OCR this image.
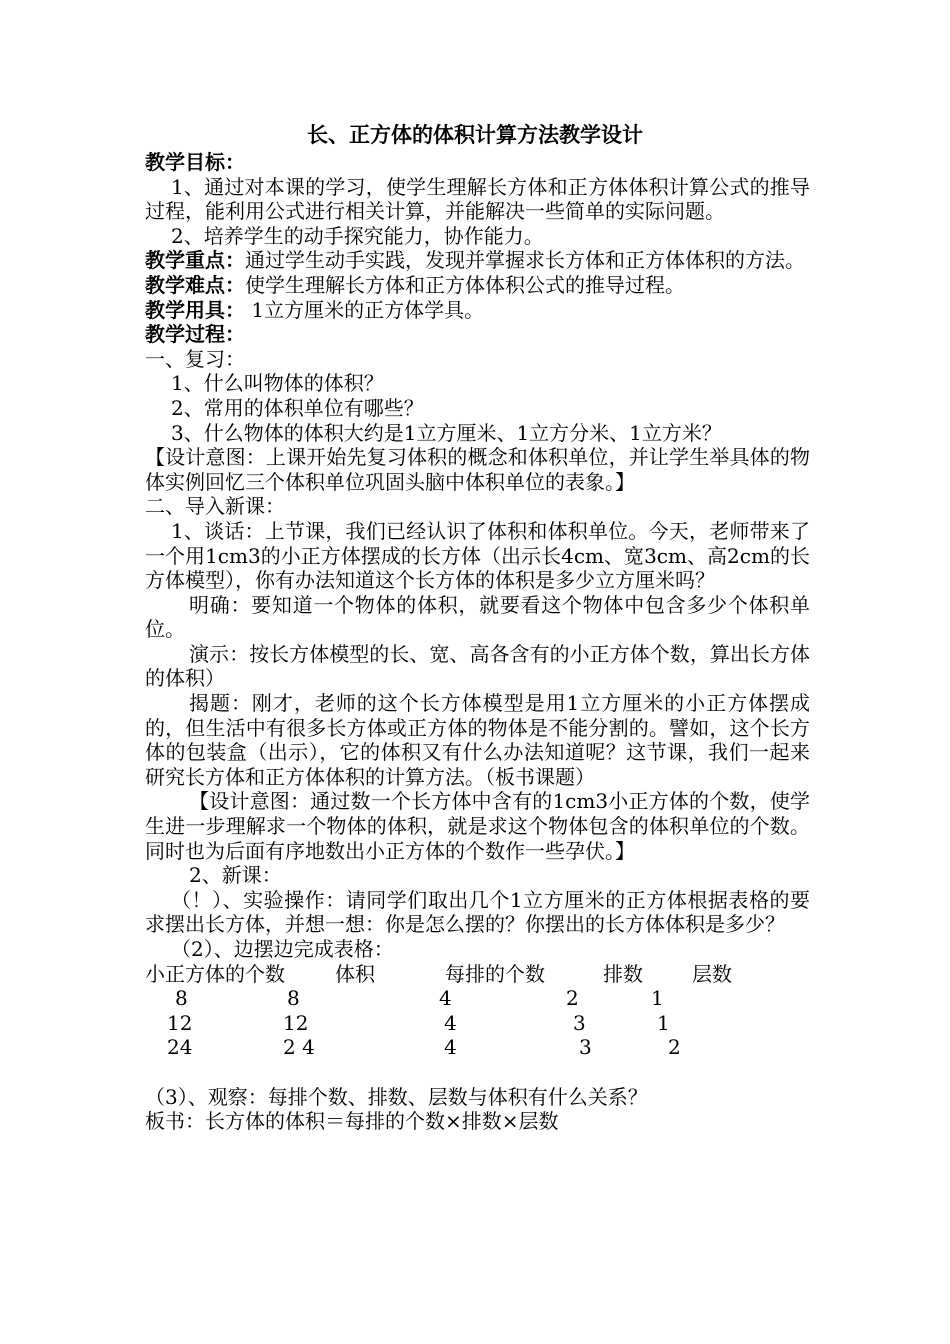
长、正方体的体积计算方法教学设计

教学目标：

1、通过对本课的学习，使学生理解长方体和正方体体积计算公式的推导过程，能利用公式进行相关计算，并能解决一些简单的实际问题。

2、培养学生的动手探究能力，协作能力。

教学重点：通过学生动手实践，发现并掌握求长方体和正方体体积的方法。

教学难点：使学生理解长方体和正方体体积公式的推导过程。

教学用具： 1立方厘米的正方体学具。

教学过程：

一、复习：

1、什么叫物体的体积？

2、常用的体积单位有哪些？

3、什么物体的体积大约是1立方厘米、1立方分米、1立方米？

【设计意图：上课开始先复习体积的概念和体积单位，并让学生举具体的物体实例回忆三个体积单位巩固头脑中体积单位的表象。】

二、导入新课：

1、谈话：上节课，我们已经认识了体积和体积单位。今天，老师带来了一个用1cm3的小正方体摆成的长方体（出示长4cm、宽3cm、高2cm的长方体模型），你有办法知道这个长方体的体积是多少立方厘米吗？

明确：要知道一个物体的体积，就要看这个物体中包含多少个体积单位。

演示：按长方体模型的长、宽、高各含有的小正方体个数，算出长方体的体积）

揭题：刚才，老师的这个长方体模型是用1立方厘米的小正方体摆成的，但生活中有很多长方体或正方体的物体是不能分割的。譬如，这个长方体的包装盒（出示），它的体积又有什么办法知道呢？这节课，我们一起来研究长方体和正方体体积的计算方法。（板书课题）

【设计意图：通过数一个长方体中含有的1cm3小正方体的个数，使学生进一步理解求一个物体的体积，就是求这个物体包含的体积单位的个数。同时也为后面有序地数出小正方体的个数作一些孕伏。】

2、新课：

（！）、实验操作：请同学们取出几个1立方厘米的正方体根据表格的要求摆出长方体，并想一想：你是怎么摆的？你摆出的长方体体积是多少？

（2）、边摆边完成表格：

小正方体的个数	体积	每排的个数	排数 层数
8	8	4	2	1
12	12	4	3	1
24	2 4	4	3	2

（3）、观察：每排个数、排数、层数与体积有什么关系？

板书：长方体的体积＝每排的个数×排数×层数
